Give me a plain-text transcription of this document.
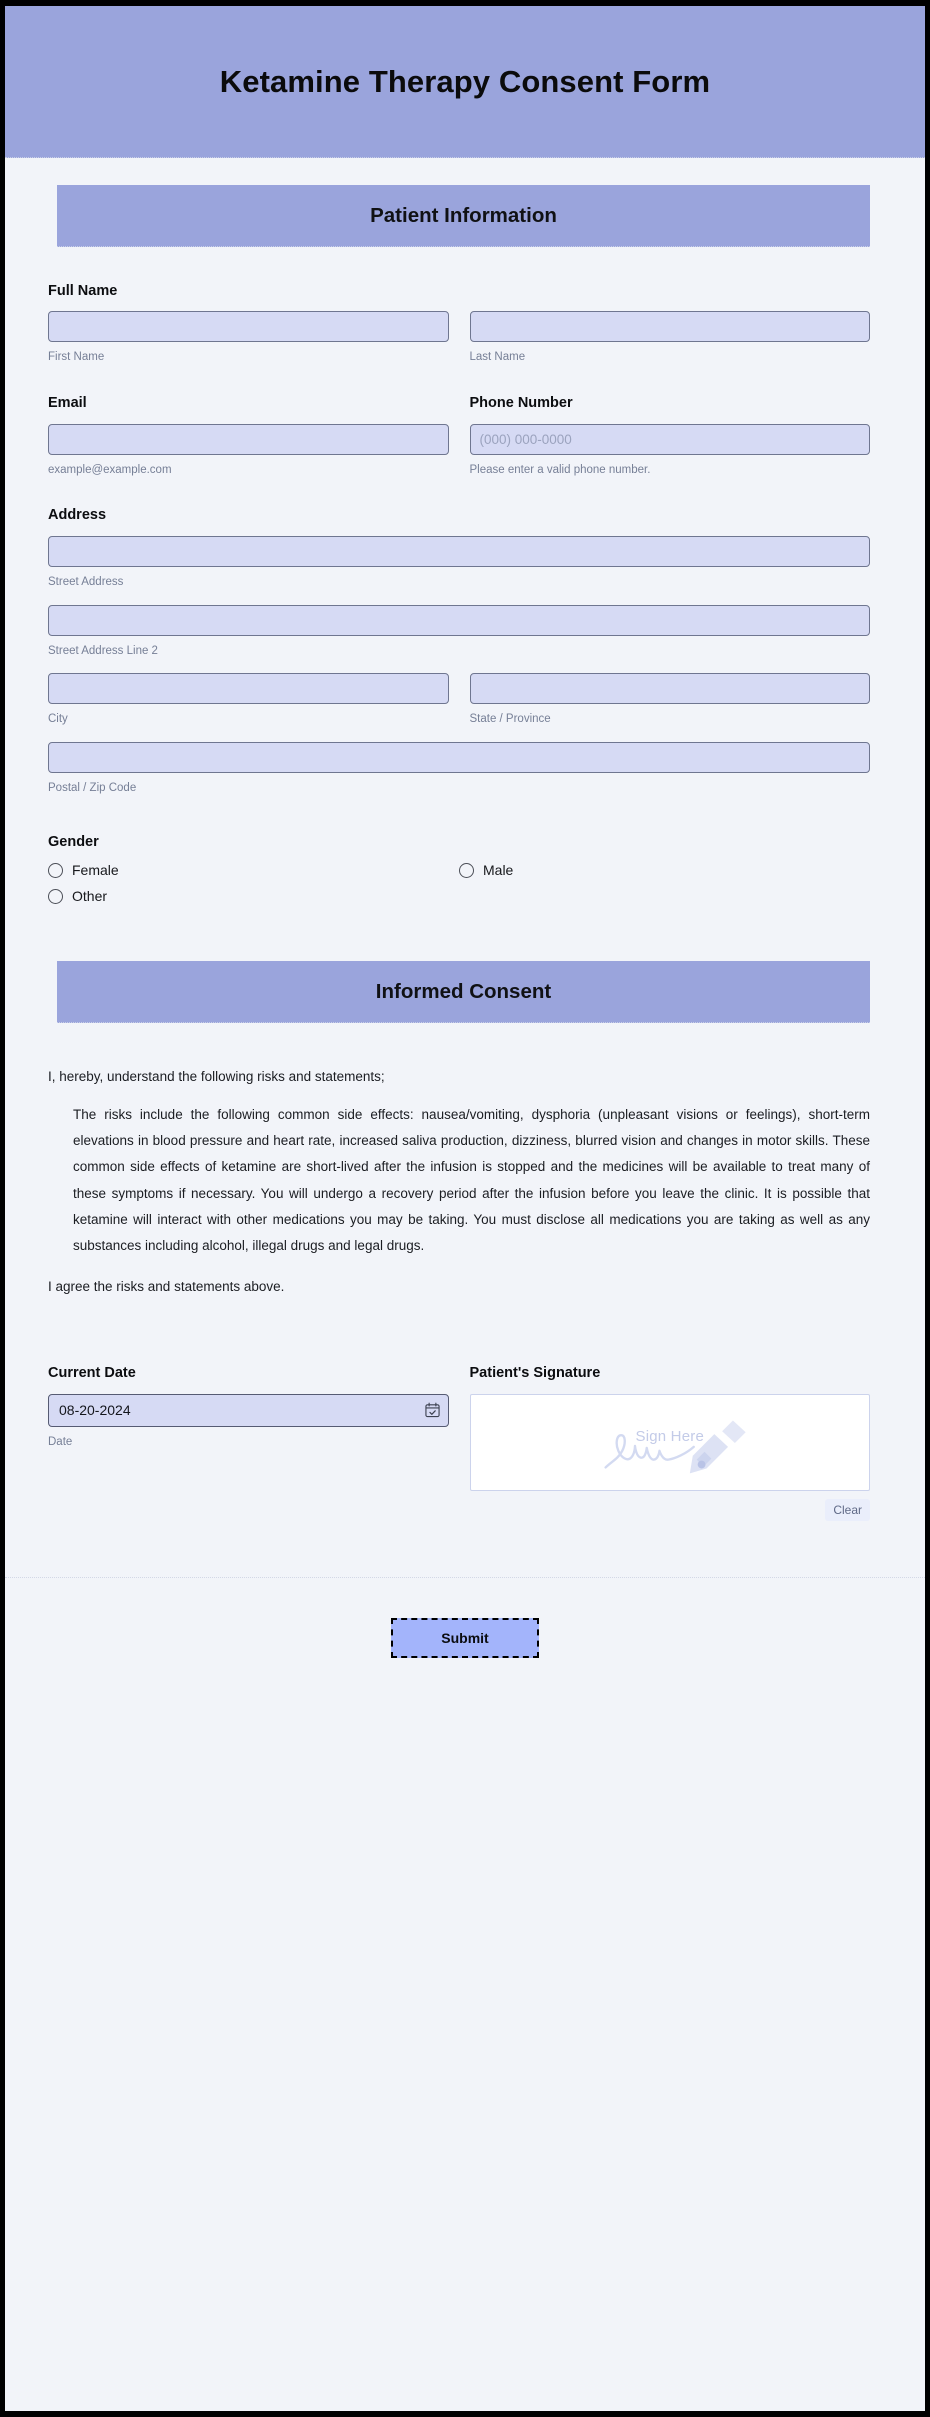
Ketamine Therapy Consent Form
Patient Information
Full Name
First Name	Last Name
Email
example@example.com
Phone Number
(000) 000-0000
Please enter a valid phone number.
Address
Street Address
Street Address Line 2
City	State / Province
Postal / Zip Code
Gender
Female	Male
Other
Informed Consent
I, hereby, understand the following risks and statements;
The risks include the following common side effects: nausea/vomiting, dysphoria (unpleasant visions or feelings), short-term elevations in blood pressure and heart rate, increased saliva production, dizziness, blurred vision and changes in motor skills. These common side effects of ketamine are short-lived after the infusion is stopped and the medicines will be available to treat many of these symptoms if necessary. You will undergo a recovery period after the infusion before you leave the clinic. It is possible that ketamine will interact with other medications you may be taking. You must disclose all medications you are taking as well as any substances including alcohol, illegal drugs and legal drugs.
I agree the risks and statements above.
Current Date
08-20-2024
Date
Patient's Signature
Sign Here
Clear
Submit
